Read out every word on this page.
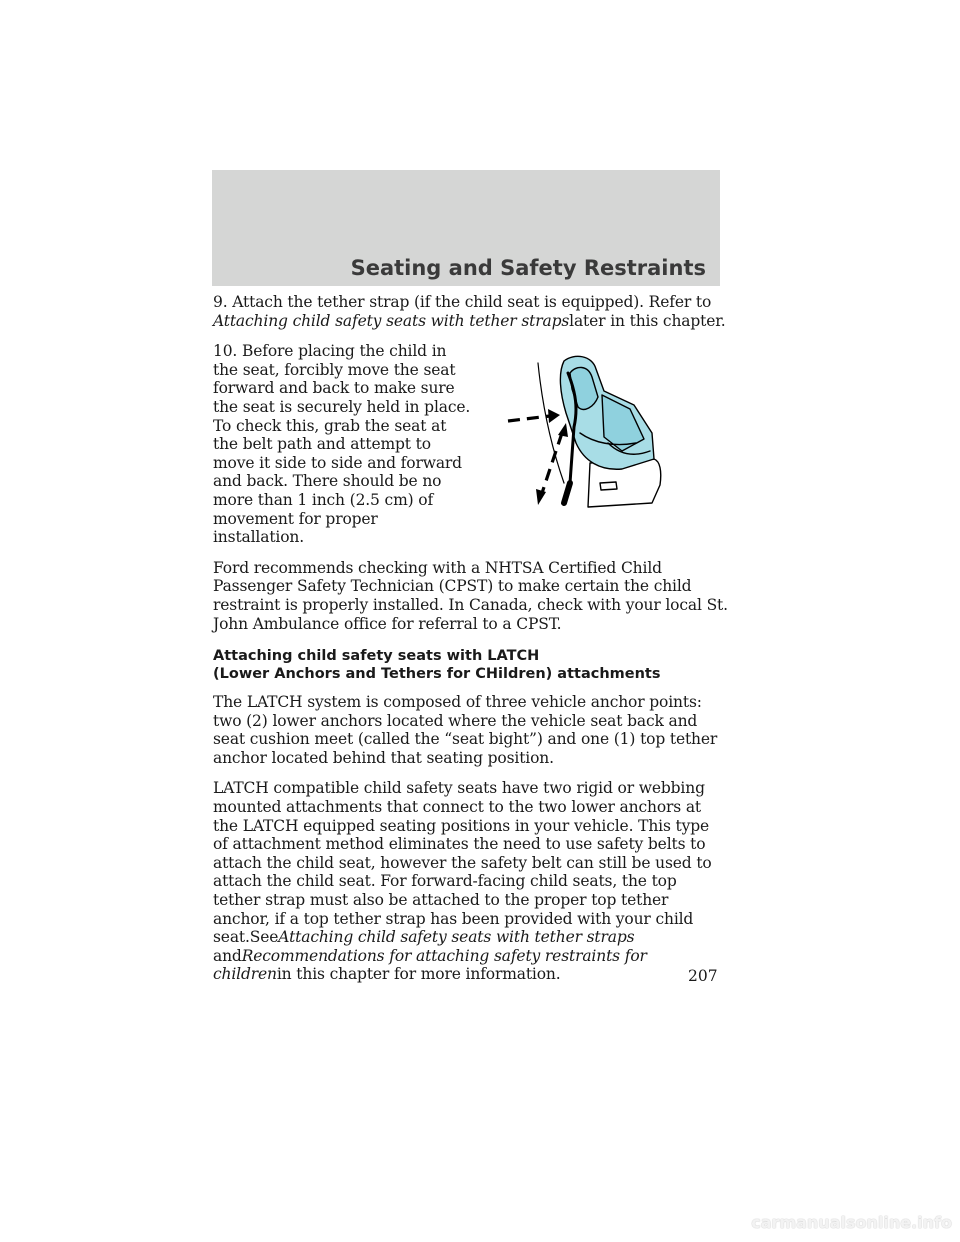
Seating and Safety Restraints

9. Attach the tether strap (if the child seat is equipped). Refer to Attaching child safety seats with tether strapslater in this chapter.

10. Before placing the child in the seat, forcibly move the seat forward and back to make sure the seat is securely held in place. To check this, grab the seat at the belt path and attempt to move it side to side and forward and back. There should be no more than 1 inch (2.5 cm) of movement for proper installation.

Ford recommends checking with a NHTSA Certified Child Passenger Safety Technician (CPST) to make certain the child restraint is properly installed. In Canada, check with your local St. John Ambulance office for referral to a CPST.

Attaching child safety seats with LATCH
(Lower Anchors and Tethers for CHildren) attachments

The LATCH system is composed of three vehicle anchor points: two (2) lower anchors located where the vehicle seat back and seat cushion meet (called the “seat bight”) and one (1) top tether anchor located behind that seating position.

LATCH compatible child safety seats have two rigid or webbing mounted attachments that connect to the two lower anchors at the LATCH equipped seating positions in your vehicle. This type of attachment method eliminates the need to use safety belts to attach the child seat, however the safety belt can still be used to attach the child seat. For forward-facing child seats, the top tether strap must also be attached to the proper top tether anchor, if a top tether strap has been provided with your child seat.SeeAttaching child safety seats with tether straps
andRecommendations for attaching safety restraints for childrenin this chapter for more information.	207
carmanualsonline.info
